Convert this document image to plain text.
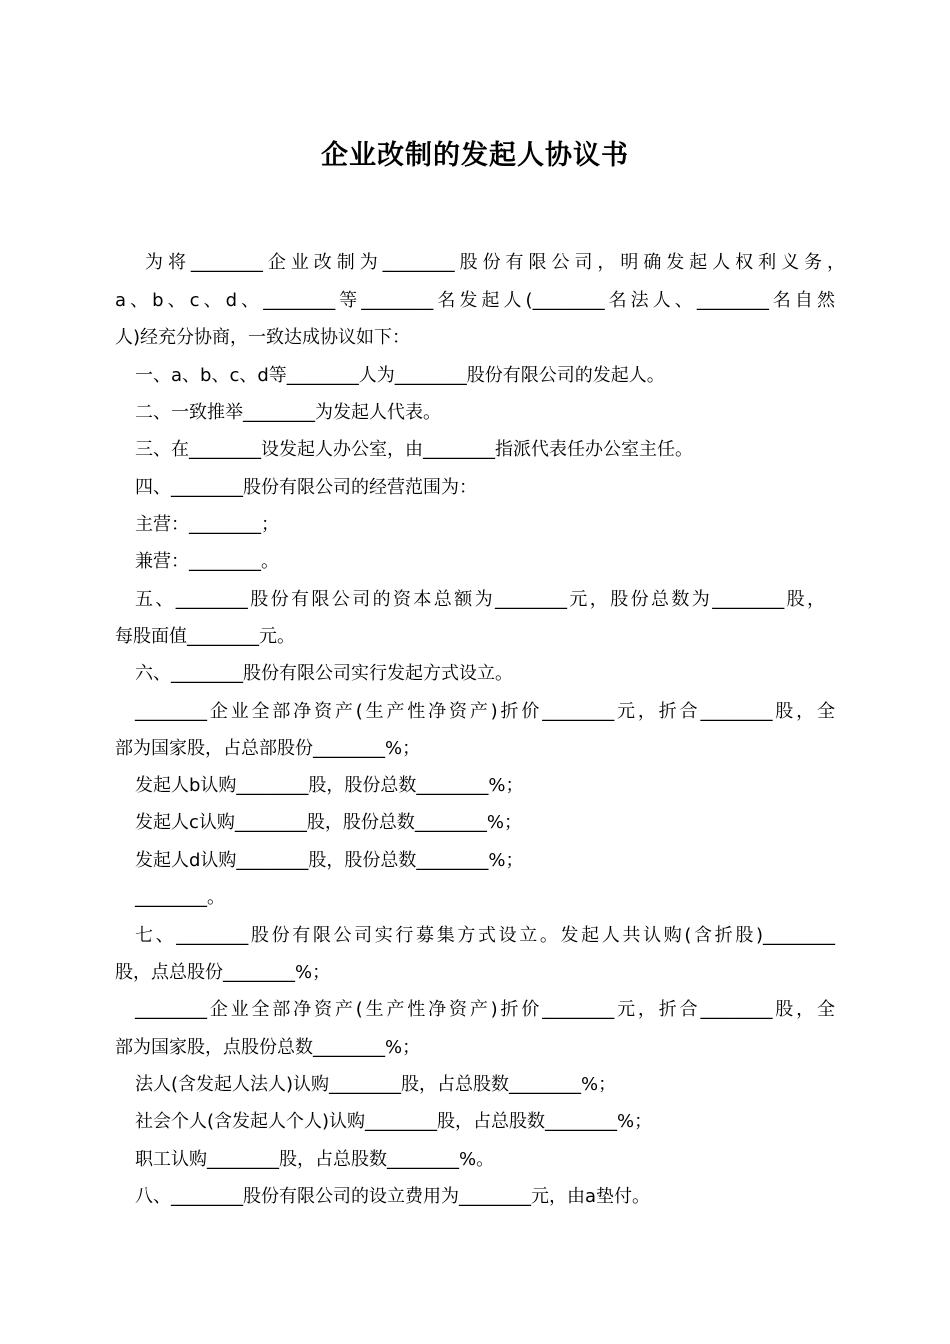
企业改制的发起人协议书
为将________企业改制为________股份有限公司，明确发起人权利义务，
a、b、c、d、________等________名发起人(________名法人、________名自然
人)经充分协商，一致达成协议如下：
一、a、b、c、d等________人为________股份有限公司的发起人。
二、一致推举________为发起人代表。
三、在________设发起人办公室，由________指派代表任办公室主任。
四、________股份有限公司的经营范围为：
主营：________；
兼营：________。
五、________股份有限公司的资本总额为________元，股份总数为________股，
每股面值________元。
六、________股份有限公司实行发起方式设立。
________企业全部净资产(生产性净资产)折价________元，折合________股，全
部为国家股，占总部股份________%；
发起人b认购________股，股份总数________%；
发起人c认购________股，股份总数________%；
发起人d认购________股，股份总数________%；
________。
七、________股份有限公司实行募集方式设立。发起人共认购(含折股)________
股，点总股份________%；
________企业全部净资产(生产性净资产)折价________元，折合________股，全
部为国家股，点股份总数________%；
法人(含发起人法人)认购________股，占总股数________%；
社会个人(含发起人个人)认购________股，占总股数________%；
职工认购________股，占总股数________%。
八、________股份有限公司的设立费用为________元，由a垫付。
